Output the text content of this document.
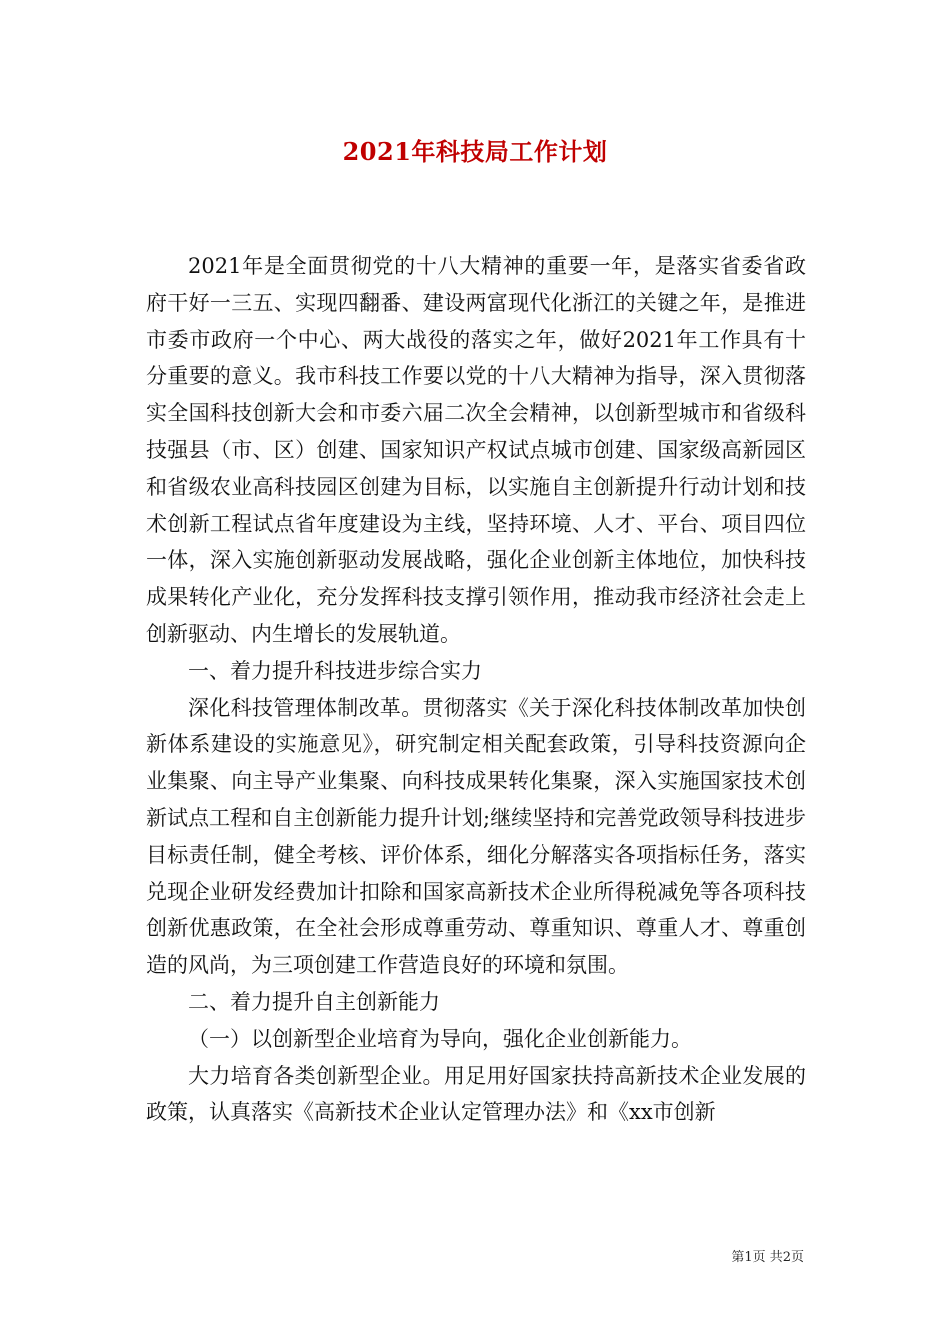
2021年科技局工作计划

2021年是全面贯彻党的十八大精神的重要一年，是落实省委省政府干好一三五、实现四翻番、建设两富现代化浙江的关键之年，是推进市委市政府一个中心、两大战役的落实之年，做好2021年工作具有十分重要的意义。我市科技工作要以党的十八大精神为指导，深入贯彻落实全国科技创新大会和市委六届二次全会精神，以创新型城市和省级科技强县（市、区）创建、国家知识产权试点城市创建、国家级高新园区和省级农业高科技园区创建为目标，以实施自主创新提升行动计划和技术创新工程试点省年度建设为主线，坚持环境、人才、平台、项目四位一体，深入实施创新驱动发展战略，强化企业创新主体地位，加快科技成果转化产业化，充分发挥科技支撑引领作用，推动我市经济社会走上创新驱动、内生增长的发展轨道。

一、着力提升科技进步综合实力

深化科技管理体制改革。贯彻落实《关于深化科技体制改革加快创新体系建设的实施意见》，研究制定相关配套政策，引导科技资源向企业集聚、向主导产业集聚、向科技成果转化集聚，深入实施国家技术创新试点工程和自主创新能力提升计划;继续坚持和完善党政领导科技进步目标责任制，健全考核、评价体系，细化分解落实各项指标任务，落实兑现企业研发经费加计扣除和国家高新技术企业所得税减免等各项科技创新优惠政策，在全社会形成尊重劳动、尊重知识、尊重人才、尊重创造的风尚，为三项创建工作营造良好的环境和氛围。

二、着力提升自主创新能力

（一）以创新型企业培育为导向，强化企业创新能力。

大力培育各类创新型企业。用足用好国家扶持高新技术企业发展的政策，认真落实《高新技术企业认定管理办法》和《xx市创新

第1页 共2页
